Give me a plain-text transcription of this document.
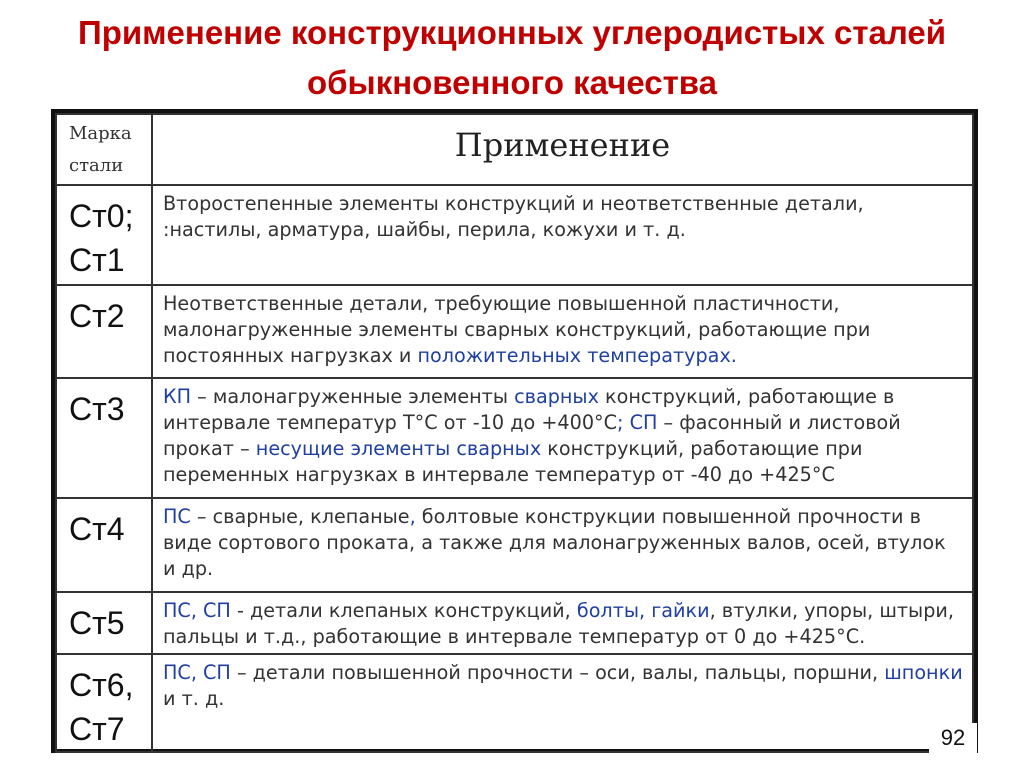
Применение конструкционных углеродистых сталей
обыкновенного качества
Марка
стали	Применение

Ст0;
Ст1	Второстепенные элементы конструкций и неответственные детали, :настилы, арматура, шайбы, перила, кожухи и т. д.

Ст2	Неответственные детали, требующие повышенной пластичности, малонагруженные элементы сварных конструкций, работающие при постоянных нагрузках и положительных температурах.

Ст3	КП – малонагруженные элементы сварных конструкций, работающие в интервале температур T°C от -10 до +400°C; СП – фасонный и листовой прокат – несущие элементы сварных конструкций, работающие при переменных нагрузках в интервале температур от -40 до +425°C

Ст4	ПС – сварные, клепаные, болтовые конструкции повышенной прочности в виде сортового проката, а также для малонагруженных валов, осей, втулок и др.

Ст5	ПС, СП - детали клепаных конструкций, болты, гайки, втулки, упоры, штыри, пальцы и т.д., работающие в интервале температур от 0 до +425°C.

Ст6,
Ст7	ПС, СП – детали повышенной прочности – оси, валы, пальцы, поршни, шпонки и т. д.
92
